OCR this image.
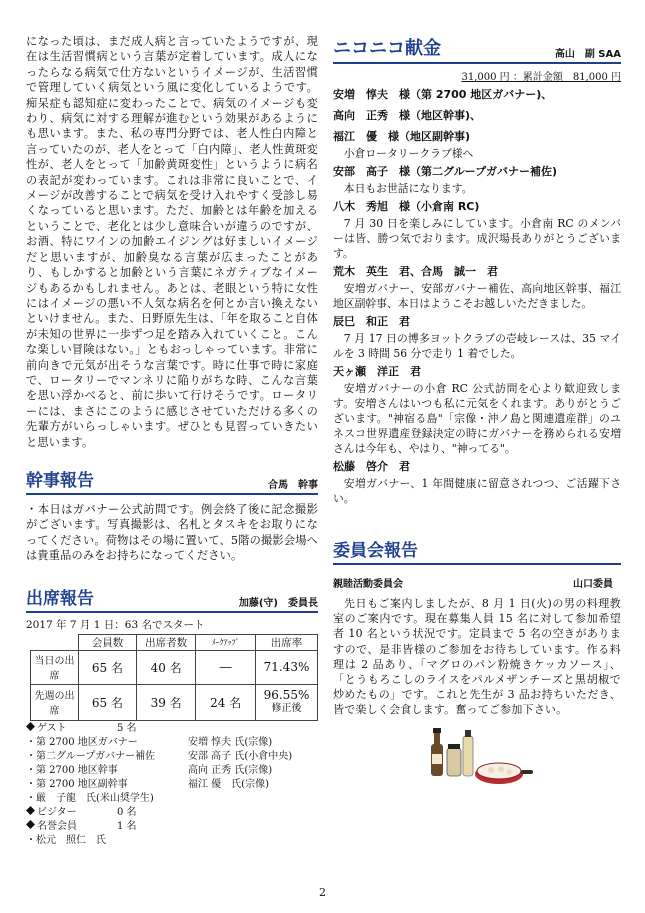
になった頃は、まだ成人病と言っていたようですが、現在は生活習慣病という言葉が定着しています。成人になったらなる病気で仕方ないというイメージが、生活習慣で管理していく病気という風に変化しているようです。痴呆症も認知症に変わったことで、病気のイメージも変わり、病気に対する理解が進むという効果があるようにも思います。また、私の専門分野では、老人性白内障と言っていたのが、老人をとって「白内障」、老人性黄斑変性が、老人をとって「加齢黄斑変性」というように病名の表記が変わっています。これは非常に良いことで、イメージが改善することで病気を受け入れやすく受診し易くなっていると思います。ただ、加齢とは年齢を加えるということで、老化とは少し意味合いが違うのですが、お酒、特にワインの加齢エイジングは好ましいイメージだと思いますが、加齢臭なる言葉が広まったことがあり、もしかすると加齢という言葉にネガティブなイメージもあるかもしれません。あとは、老眼という特に女性にはイメージの悪い不人気な病名を何とか言い換えないといけません。また、日野原先生は、「年を取ること自体が未知の世界に一歩ずつ足を踏み入れていくこと。こんな楽しい冒険はない。」ともおっしゃっています。非常に前向きで元気が出そうな言葉です。時に仕事で時に家庭で、ロータリーでマンネリに陥りがちな時、こんな言葉を思い浮かべると、前に歩いて行けそうです。ロータリーには、まさにこのように感じさせていただける多くの先輩方がいらっしゃいます。ぜひとも見習っていきたいと思います。

幹事報告	合馬　幹事

・本日はガバナー公式訪問です。例会終了後に記念撮影がございます。写真撮影は、名札とタスキをお取りになってください。荷物はその場に置いて、5階の撮影会場へは貴重品のみをお持ちになってください。

出席報告	加藤(守)　委員長
2017 年 7 月 1 日：63 名でスタート
	会員数	出席者数	ﾒｰｸｱｯﾌﾟ	出席率
当日の出席	65 名	40 名	―	71.43%

先週の出席	65 名	39 名	24 名	96.55%
修正後
ゲスト	5 名
・第 2700 地区ガバナー	安増 惇夫 氏(宗像)
・第二グループガバナー補佐	安部 高子 氏(小倉中央)
・第 2700 地区幹事	高向 正秀 氏(宗像)
・第 2700 地区副幹事	福江 優　氏(宗像)
・厳　子龍　氏(米山奨学生)
ビジター	0 名
名誉会員	1 名
・松元　照仁　氏
ニコニコ献金	高山　副 SAA
31,000 円 ：累計金額　81,000 円
安増　惇夫　様（第 2700 地区ガバナー)、
高向　正秀　様（地区幹事)、
福江　優　様（地区副幹事)

小倉ロータリークラブ様へ

安部　高子　様（第二グループガバナー補佐)

本日もお世話になります。

八木　秀旭　様（小倉南 RC)

7 月 30 日を楽しみにしています。小倉南 RC のメンバーは皆、勝つ気でおります。成沢場長ありがとうございます。

荒木　英生　君、合馬　誠一　君

安増ガバナー、安部ガバナー補佐、高向地区幹事、福江地区副幹事、本日はようこそお越しいただきました。

辰巳　和正　君

7 月 17 日の博多ヨットクラブの壱岐レースは、35 マイルを 3 時間 56 分で走り 1 着でした。

天ヶ瀬　洋正　君

安増ガバナーの小倉 RC 公式訪問を心より歓迎致します。安増さんはいつも私に元気をくれます。ありがとうございます。"神宿る島"「宗像・沖ノ島と関連遺産群」のユネスコ世界遺産登録決定の時にガバナーを務められる安増さんは今年も、やはり、"神ってる"。

松藤　啓介　君

安増ガバナー、1 年間健康に留意されつつ、ご活躍下さい。

委員会報告
親睦活動委員会	山口委員

先日もご案内しましたが、8 月 1 日(火)の男の料理教室のご案内です。現在募集人員 15 名に対して参加希望者 10 名という状況です。定員まで 5 名の空きがありますので、是非皆様のご参加をお待ちしています。作る料理は 2 品あり、「マグロのパン粉焼きケッカソース」、「とうもろこしのライスをパルメザンチーズと黒胡椒で炒めたもの」です。これと先生が 3 品お持ちいただき、皆で楽しく会食します。奮ってご参加下さい。

2
